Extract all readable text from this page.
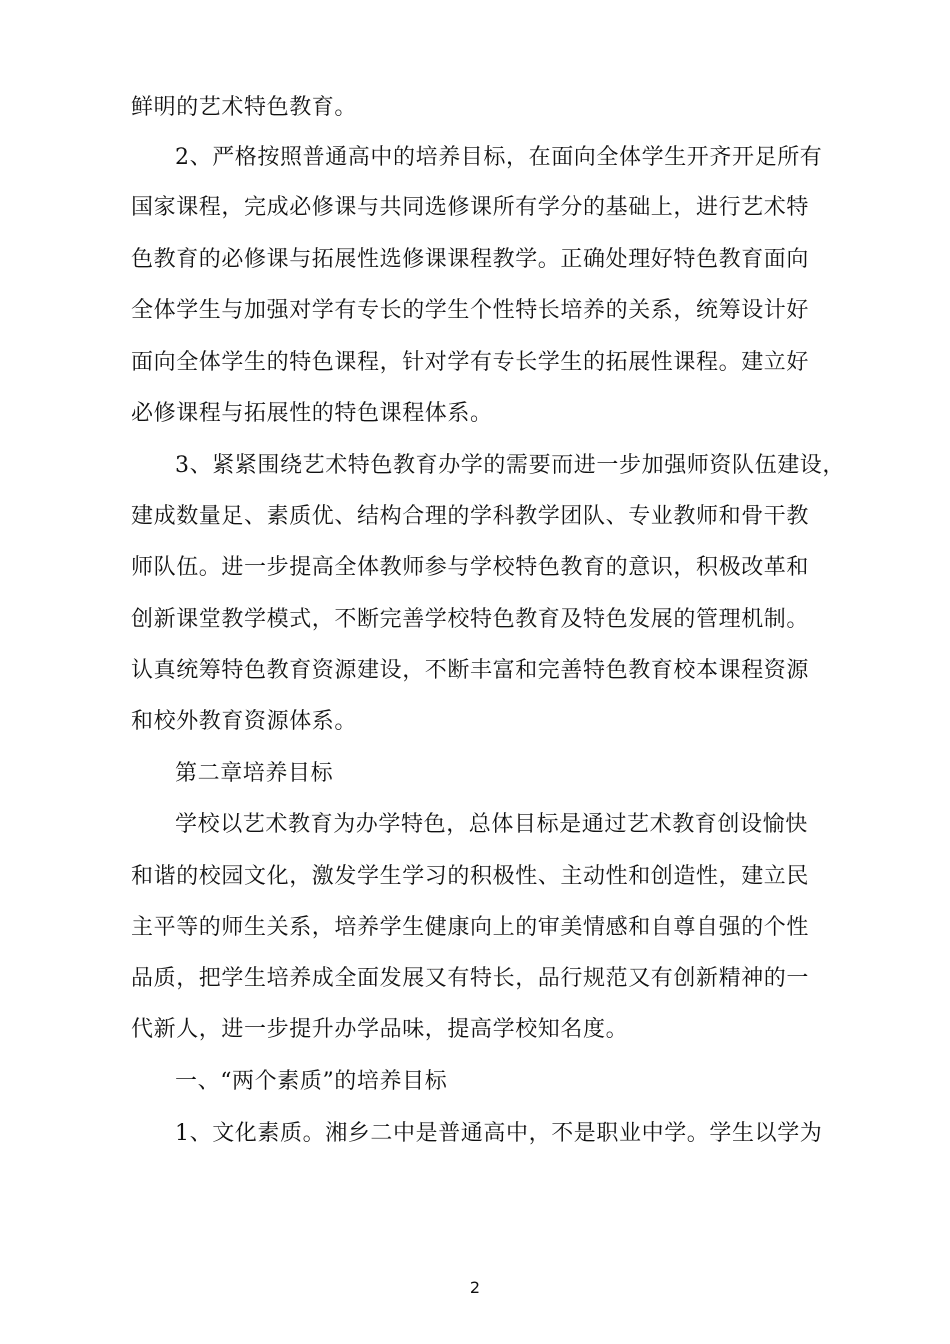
鲜明的艺术特色教育。
2、严格按照普通高中的培养目标，在面向全体学生开齐开足所有
国家课程，完成必修课与共同选修课所有学分的基础上，进行艺术特
色教育的必修课与拓展性选修课课程教学。正确处理好特色教育面向
全体学生与加强对学有专长的学生个性特长培养的关系，统筹设计好
面向全体学生的特色课程，针对学有专长学生的拓展性课程。建立好
必修课程与拓展性的特色课程体系。
3、紧紧围绕艺术特色教育办学的需要而进一步加强师资队伍建设，
建成数量足、素质优、结构合理的学科教学团队、专业教师和骨干教
师队伍。进一步提高全体教师参与学校特色教育的意识，积极改革和
创新课堂教学模式，不断完善学校特色教育及特色发展的管理机制。
认真统筹特色教育资源建设，不断丰富和完善特色教育校本课程资源
和校外教育资源体系。
第二章培养目标
学校以艺术教育为办学特色，总体目标是通过艺术教育创设愉快
和谐的校园文化，激发学生学习的积极性、主动性和创造性，建立民
主平等的师生关系，培养学生健康向上的审美情感和自尊自强的个性
品质，把学生培养成全面发展又有特长，品行规范又有创新精神的一
代新人，进一步提升办学品味，提高学校知名度。
一、“两个素质”的培养目标
1、文化素质。湘乡二中是普通高中，不是职业中学。学生以学为
2
